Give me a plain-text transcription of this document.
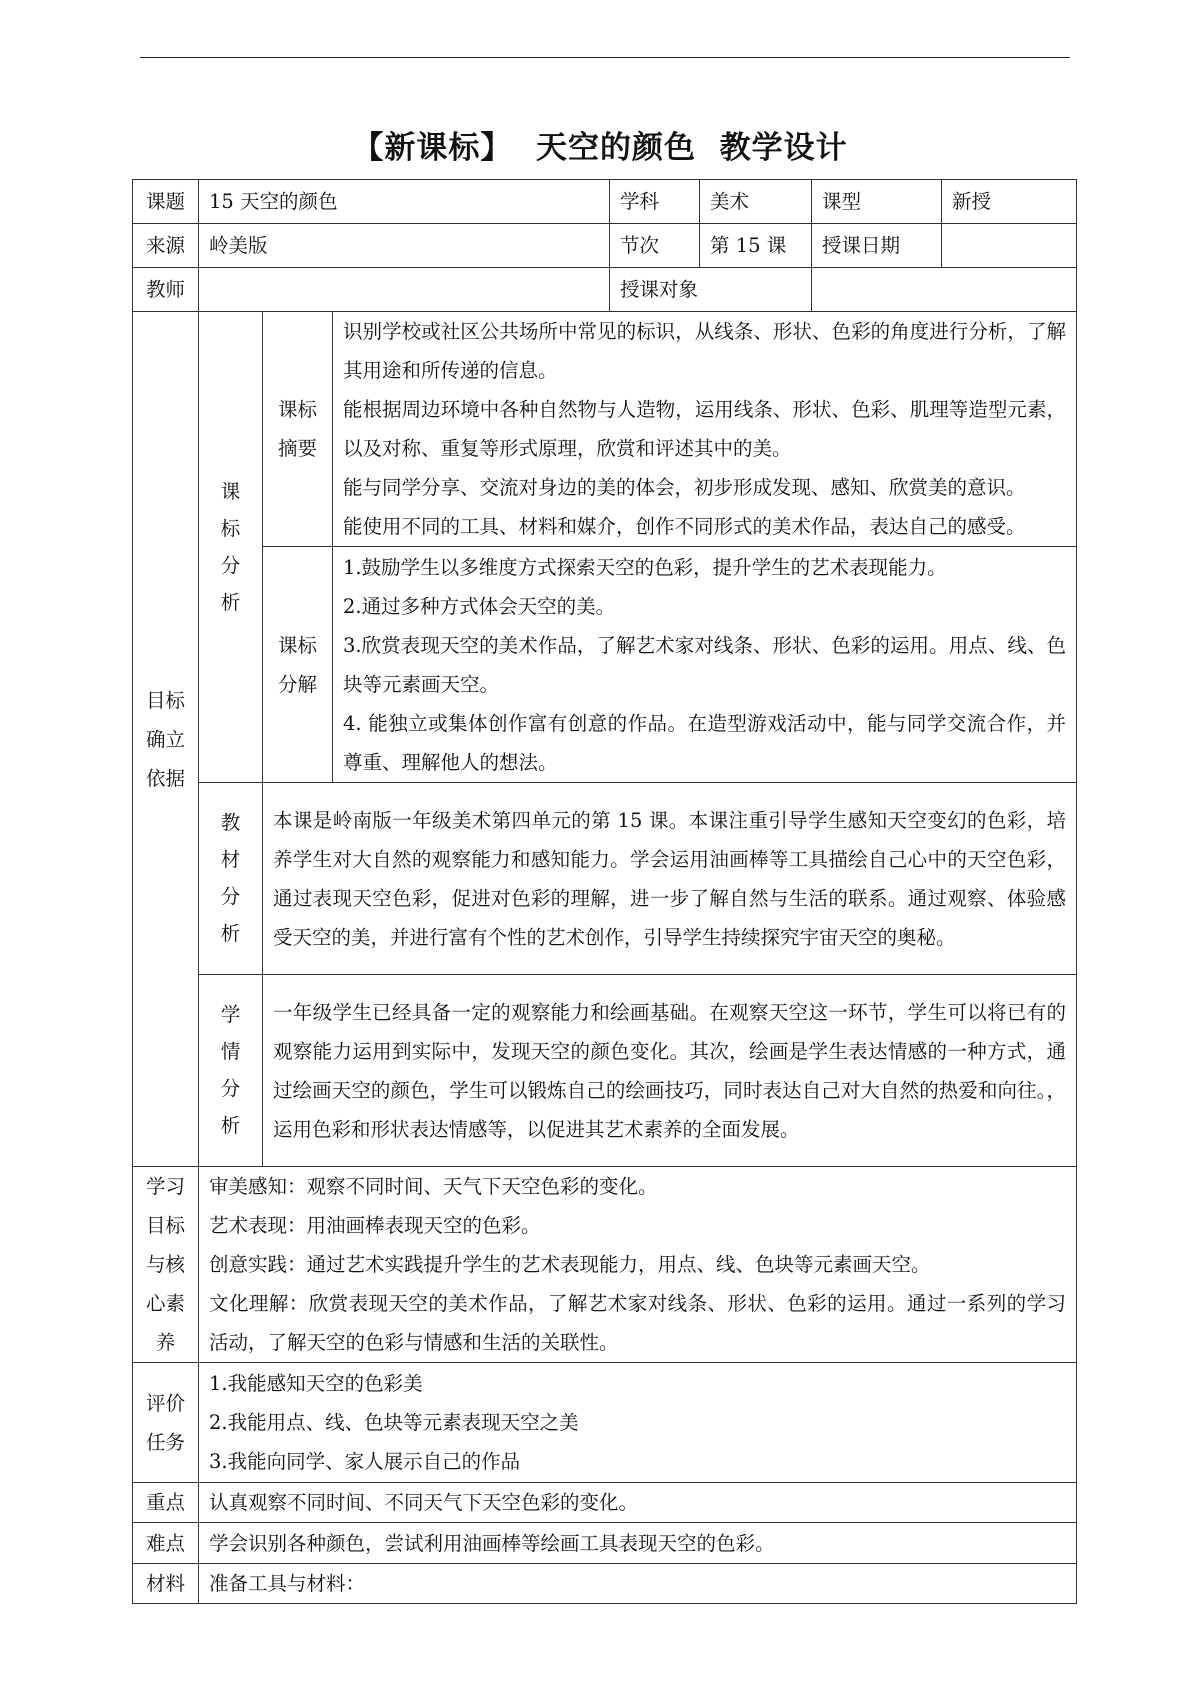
【新课标】  天空的颜色  教学设计
课题	15 天空的颜色			学科	美术	课型	新授
来源	岭美版			节次	第 15 课	授课日期	
教师				授课对象			
目标确立依据	课标分析	课标摘要	识别学校或社区公共场所中常见的标识，从线条、形状、色彩的角度进行分析，了解其用途和所传递的信息。
能根据周边环境中各种自然物与人造物，运用线条、形状、色彩、肌理等造型元素，以及对称、重复等形式原理，欣赏和评述其中的美。
能与同学分享、交流对身边的美的体会，初步形成发现、感知、欣赏美的意识。
能使用不同的工具、材料和媒介，创作不同形式的美术作品，表达自己的感受。				

		课标分解	1.鼓励学生以多维度方式探索天空的色彩，提升学生的艺术表现能力。
2.通过多种方式体会天空的美。
3.欣赏表现天空的美术作品，了解艺术家对线条、形状、色彩的运用。用点、线、色块等元素画天空。
4. 能独立或集体创作富有创意的作品。在造型游戏活动中，能与同学交流合作，并尊重、理解他人的想法。				

	教材分析	本课是岭南版一年级美术第四单元的第 15 课。本课注重引导学生感知天空变幻的色彩，培养学生对大自然的观察能力和感知能力。学会运用油画棒等工具描绘自己心中的天空色彩，通过表现天空色彩，促进对色彩的理解，进一步了解自然与生活的联系。通过观察、体验感受天空的美，并进行富有个性的艺术创作，引导学生持续探究宇宙天空的奥秘。					
	学情分析	一年级学生已经具备一定的观察能力和绘画基础。在观察天空这一环节，学生可以将已有的观察能力运用到实际中，发现天空的颜色变化。其次，绘画是学生表达情感的一种方式，通过绘画天空的颜色，学生可以锻炼自己的绘画技巧，同时表达自己对大自然的热爱和向往。，运用色彩和形状表达情感等，以促进其艺术素养的全面发展。					
学习目标与核心素养	审美感知：观察不同时间、天气下天空色彩的变化。
艺术表现：用油画棒表现天空的色彩。
创意实践：通过艺术实践提升学生的艺术表现能力，用点、线、色块等元素画天空。
文化理解：欣赏表现天空的美术作品，了解艺术家对线条、形状、色彩的运用。通过一系列的学习活动，了解天空的色彩与情感和生活的关联性。						

评价任务	1.我能感知天空的色彩美
2.我能用点、线、色块等元素表现天空之美
3.我能向同学、家人展示自己的作品						

重点	认真观察不同时间、不同天气下天空色彩的变化。						
难点	学会识别各种颜色，尝试利用油画棒等绘画工具表现天空的色彩。						
材料	准备工具与材料：						
